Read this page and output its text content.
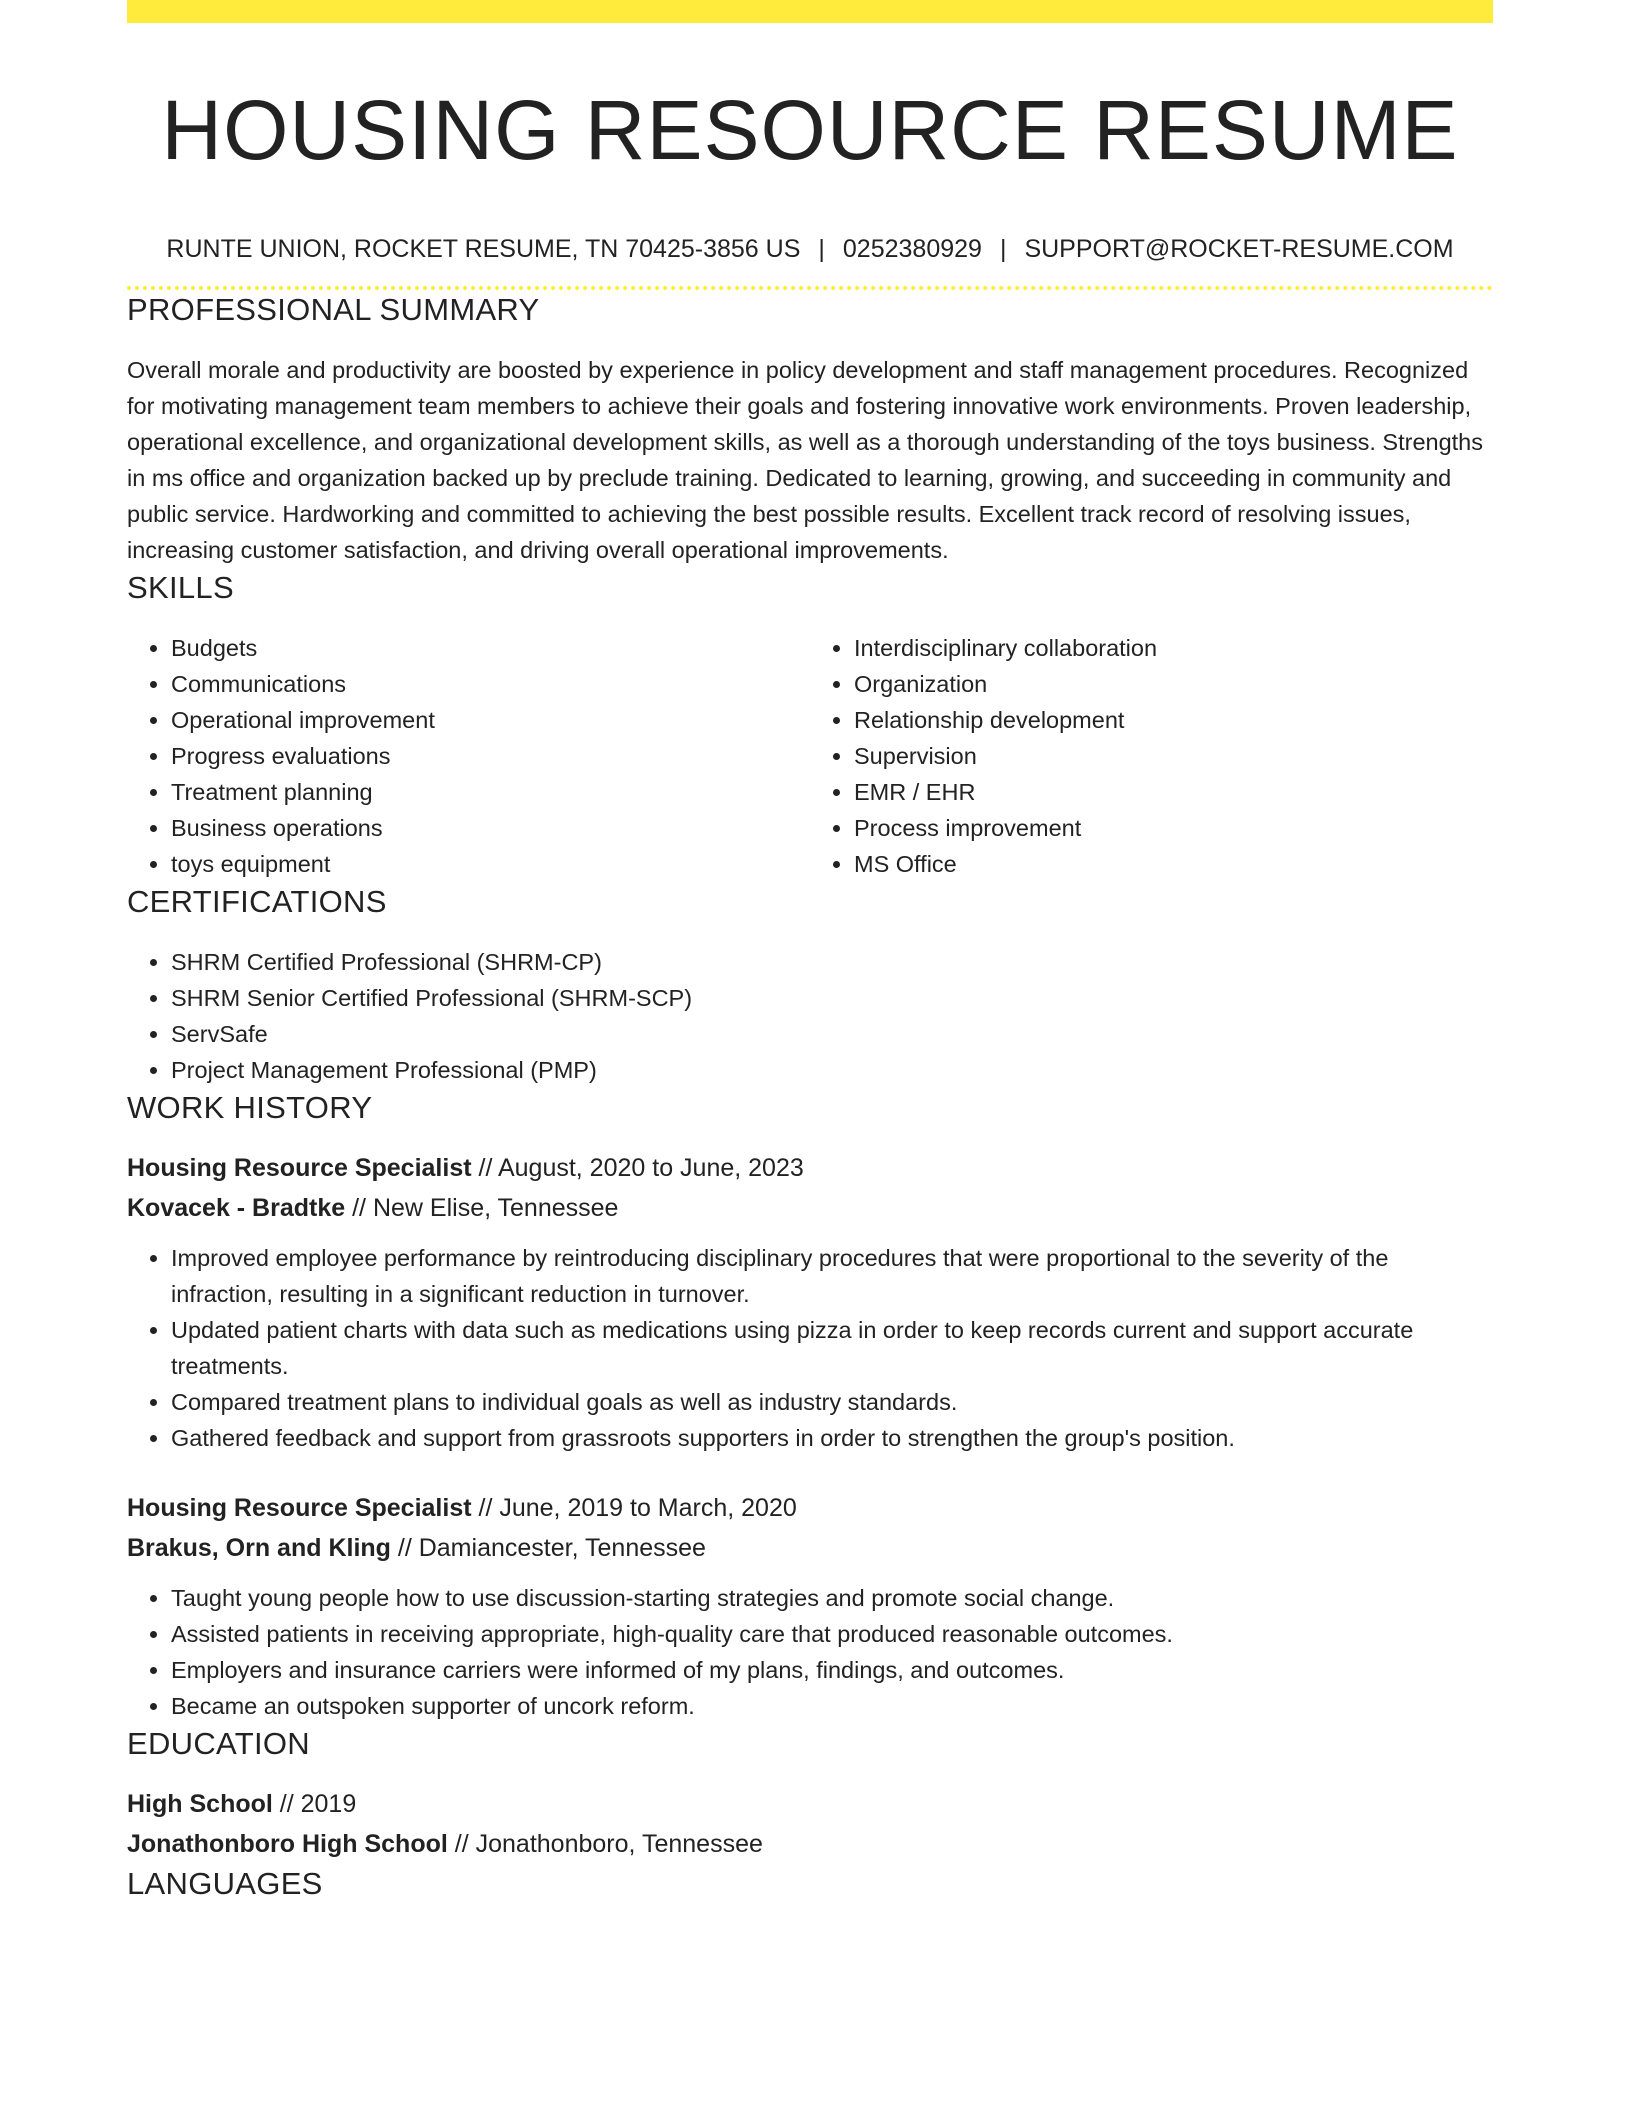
HOUSING RESOURCE RESUME
RUNTE UNION, ROCKET RESUME, TN 70425-3856 US | 0252380929 | SUPPORT@ROCKET-RESUME.COM
PROFESSIONAL SUMMARY

Overall morale and productivity are boosted by experience in policy development and staff management procedures. Recognized for motivating management team members to achieve their goals and fostering innovative work environments. Proven leadership, operational excellence, and organizational development skills, as well as a thorough understanding of the toys business. Strengths in ms office and organization backed up by preclude training. Dedicated to learning, growing, and succeeding in community and public service. Hardworking and committed to achieving the best possible results. Excellent track record of resolving issues, increasing customer satisfaction, and driving overall operational improvements.

SKILLS
• Budgets
• Communications
• Operational improvement
• Progress evaluations
• Treatment planning
• Business operations
• toys equipment
• Interdisciplinary collaboration
• Organization
• Relationship development
• Supervision
• EMR / EHR
• Process improvement
• MS Office
CERTIFICATIONS
• SHRM Certified Professional (SHRM-CP)
• SHRM Senior Certified Professional (SHRM-SCP)
• ServSafe
• Project Management Professional (PMP)
WORK HISTORY
Housing Resource Specialist // August, 2020 to June, 2023
Kovacek - Bradtke // New Elise, Tennessee
• Improved employee performance by reintroducing disciplinary procedures that were proportional to the severity of the infraction, resulting in a significant reduction in turnover.
• Updated patient charts with data such as medications using pizza in order to keep records current and support accurate treatments.
• Compared treatment plans to individual goals as well as industry standards.
• Gathered feedback and support from grassroots supporters in order to strengthen the group's position.
Housing Resource Specialist // June, 2019 to March, 2020
Brakus, Orn and Kling // Damiancester, Tennessee
• Taught young people how to use discussion-starting strategies and promote social change.
• Assisted patients in receiving appropriate, high-quality care that produced reasonable outcomes.
• Employers and insurance carriers were informed of my plans, findings, and outcomes.
• Became an outspoken supporter of uncork reform.
EDUCATION
High School // 2019
Jonathonboro High School // Jonathonboro, Tennessee
LANGUAGES
